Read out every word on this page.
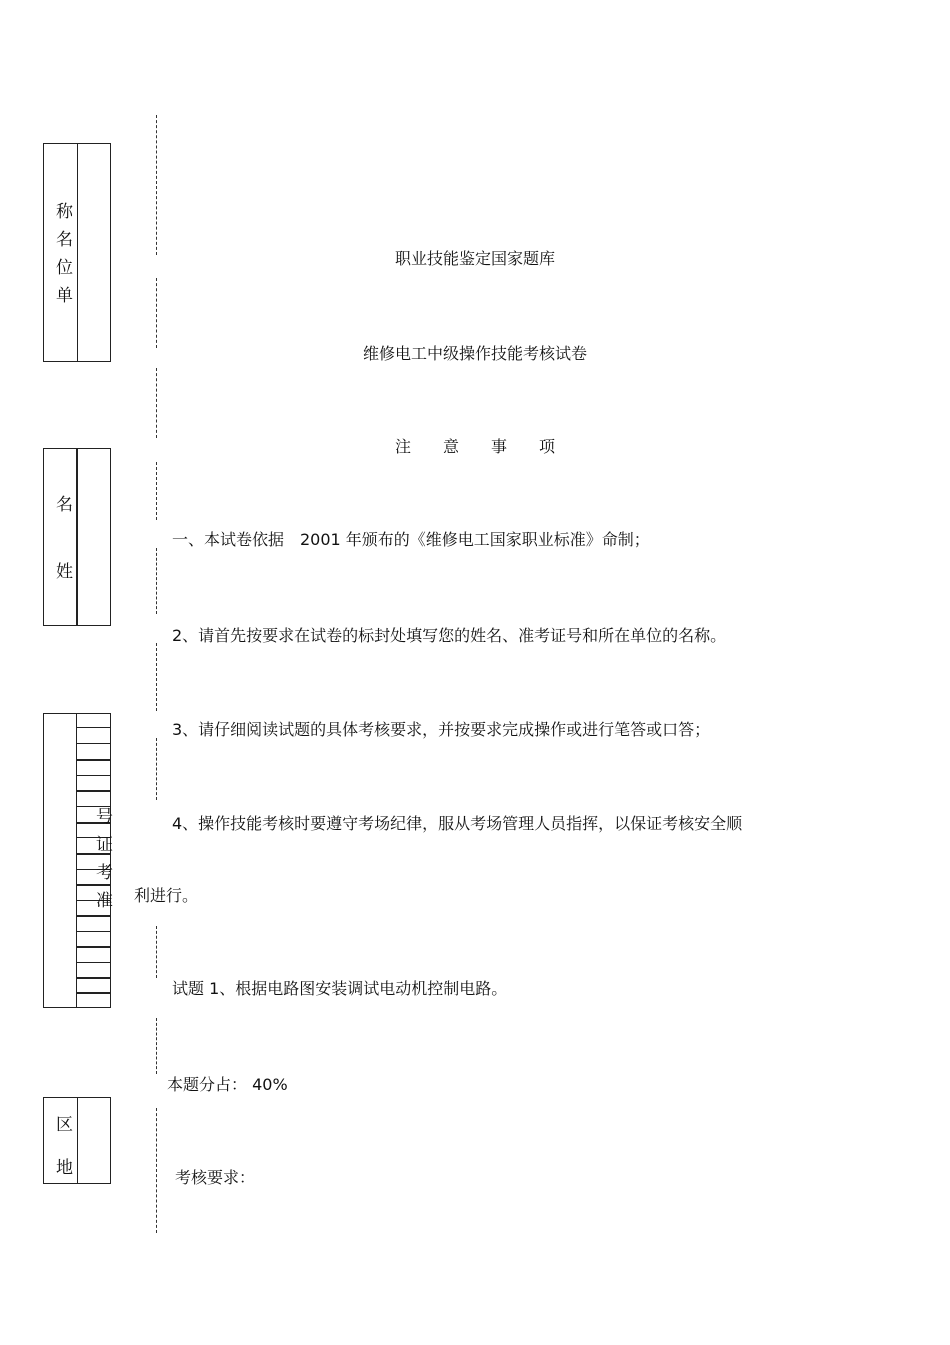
称
名
位
单
名
姓
号
证
考
准
区
地
职业技能鉴定国家题库
维修电工中级操作技能考核试卷
注　　意　　事　　项
一、本试卷依据　2001 年颁布的《维修电工国家职业标准》命制；
2、请首先按要求在试卷的标封处填写您的姓名、准考证号和所在单位的名称。
3、请仔细阅读试题的具体考核要求，并按要求完成操作或进行笔答或口答；
4、操作技能考核时要遵守考场纪律，服从考场管理人员指挥，以保证考核安全顺
利进行。
试题 1、根据电路图安装调试电动机控制电路。
本题分占： 40%
考核要求：
